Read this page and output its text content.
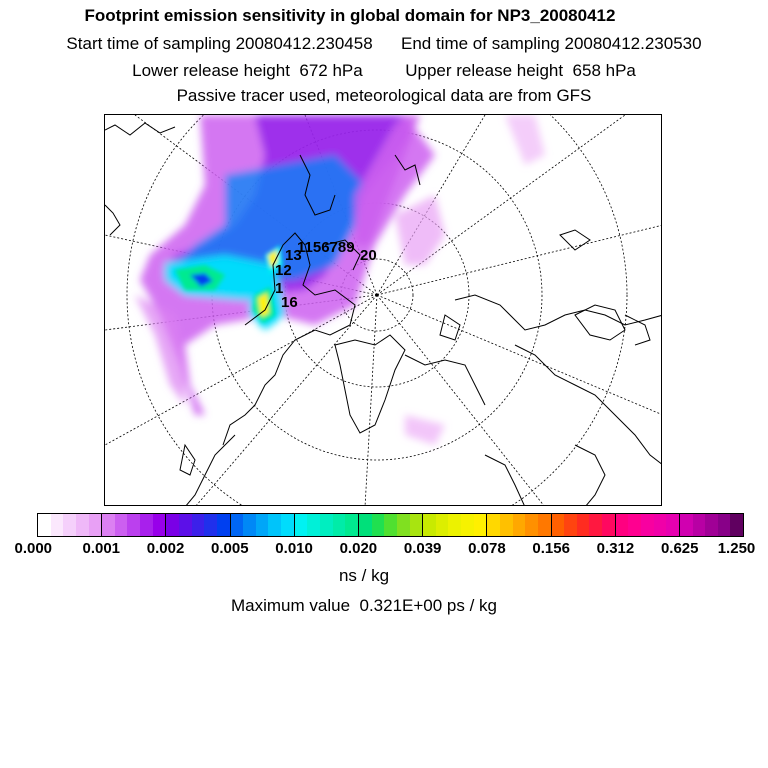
Footprint emission sensitivity in global domain for NP3_20080412
Start time of sampling 20080412.230458 End time of sampling 20080412.230530
Lower release height 672 hPa	Upper release height 658 hPa
Passive tracer used, meteorological data are from GFS
1156789 20
13
12
1
16
0.000 0.001 0.002 0.005 0.010 0.020 0.039 0.078 0.156 0.312 0.625 1.250
ns / kg
Maximum value 0.321E+00 ps / kg
